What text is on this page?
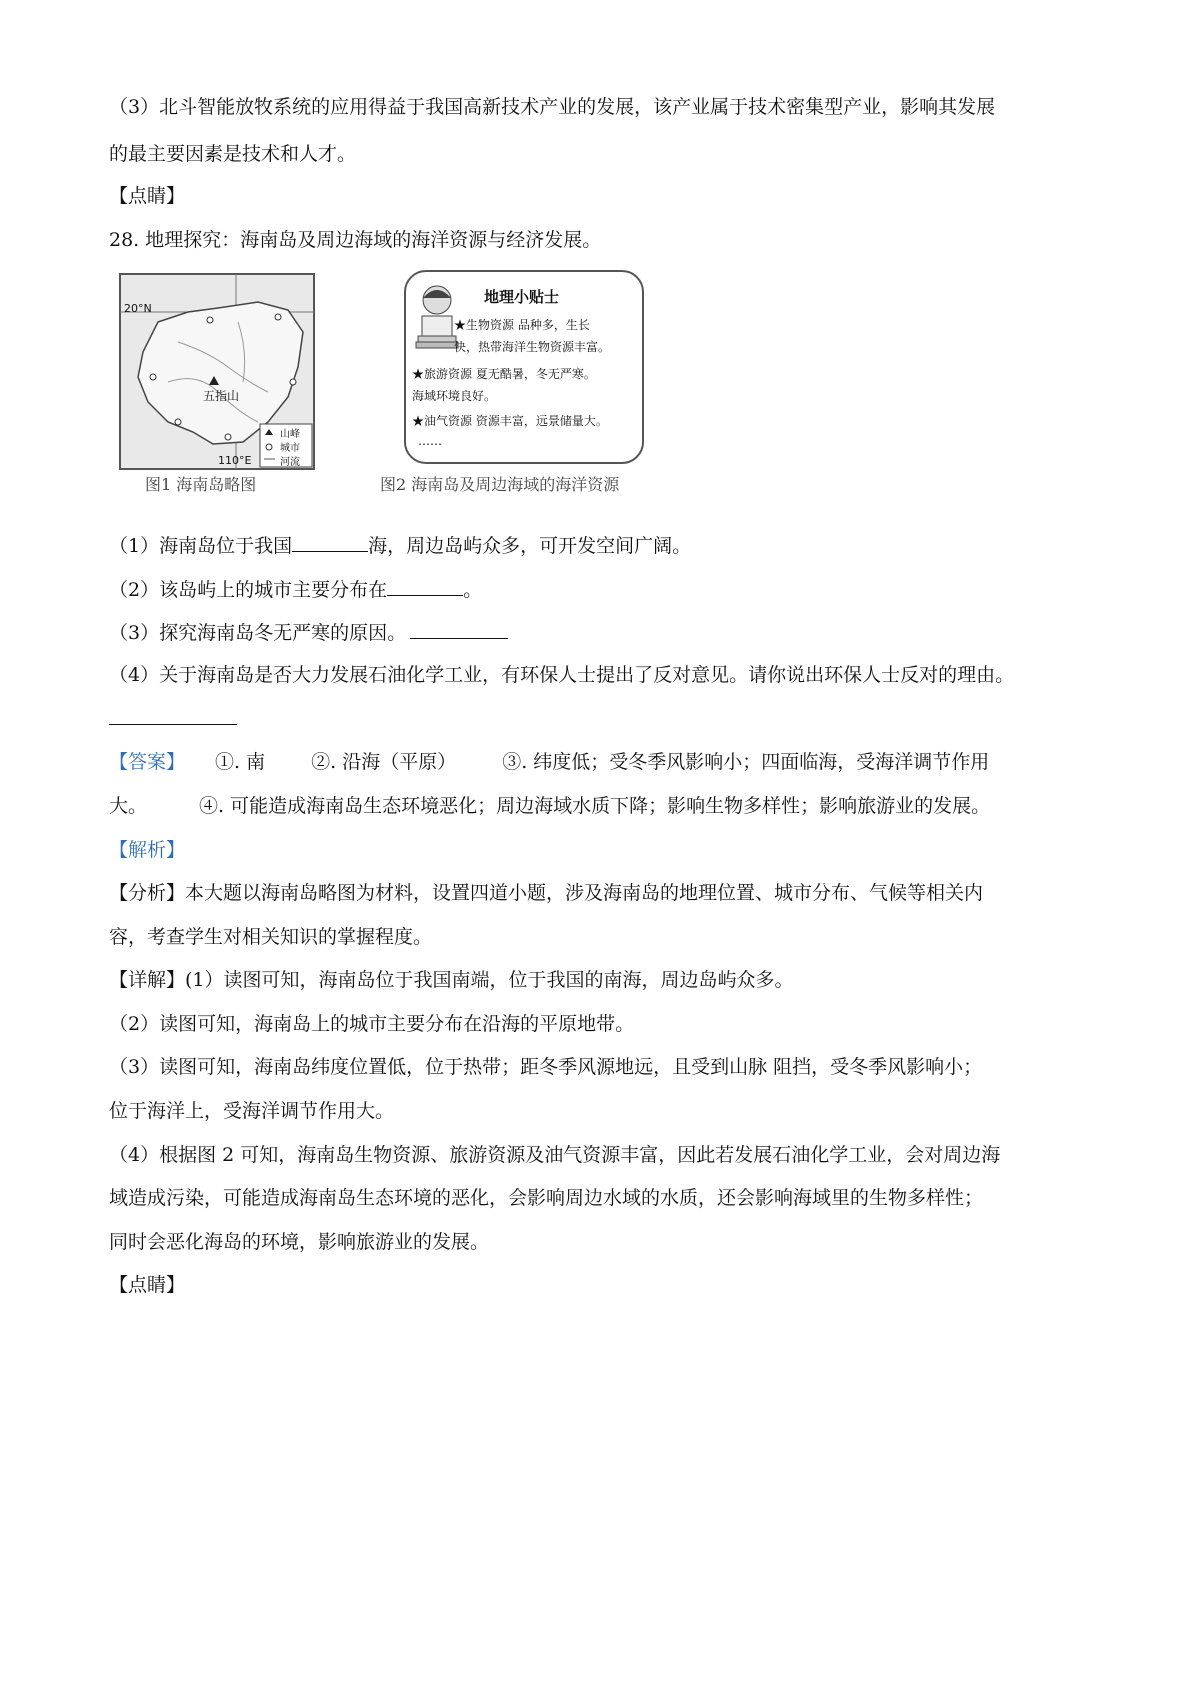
（3）北斗智能放牧系统的应用得益于我国高新技术产业的发展，该产业属于技术密集型产业，影响其发展
的最主要因素是技术和人才。
【点睛】
28. 地理探究：海南岛及周边海域的海洋资源与经济发展。
20°N
110°E
五指山
山峰
城市
河流
图1 海南岛略图
地理小贴士
★生物资源 品种多，生长
快，热带海洋生物资源丰富。
★旅游资源 夏无酷暑，冬无严寒。
海域环境良好。
★油气资源 资源丰富，远景储量大。
……
图2 海南岛及周边海域的海洋资源
（1）海南岛位于我国	海，周边岛屿众多，可开发空间广阔。
（2）该岛屿上的城市主要分布在	。
（3）探究海南岛冬无严寒的原因。
（4）关于海南岛是否大力发展石油化学工业，有环保人士提出了反对意见。请你说出环保人士反对的理由。
【答案】 ①. 南 ②. 沿海（平原） ③. 纬度低；受冬季风影响小；四面临海，受海洋调节作用
大。	④. 可能造成海南岛生态环境恶化；周边海域水质下降；影响生物多样性；影响旅游业的发展。
【解析】
【分析】本大题以海南岛略图为材料，设置四道小题，涉及海南岛的地理位置、城市分布、气候等相关内
容，考查学生对相关知识的掌握程度。
【详解】(1）读图可知，海南岛位于我国南端，位于我国的南海，周边岛屿众多。
（2）读图可知，海南岛上的城市主要分布在沿海的平原地带。
（3）读图可知，海南岛纬度位置低，位于热带；距冬季风源地远，且受到山脉 阻挡，受冬季风影响小；
位于海洋上，受海洋调节作用大。
（4）根据图 2 可知，海南岛生物资源、旅游资源及油气资源丰富，因此若发展石油化学工业，会对周边海
域造成污染，可能造成海南岛生态环境的恶化，会影响周边水域的水质，还会影响海域里的生物多样性；
同时会恶化海岛的环境，影响旅游业的发展。
【点睛】
